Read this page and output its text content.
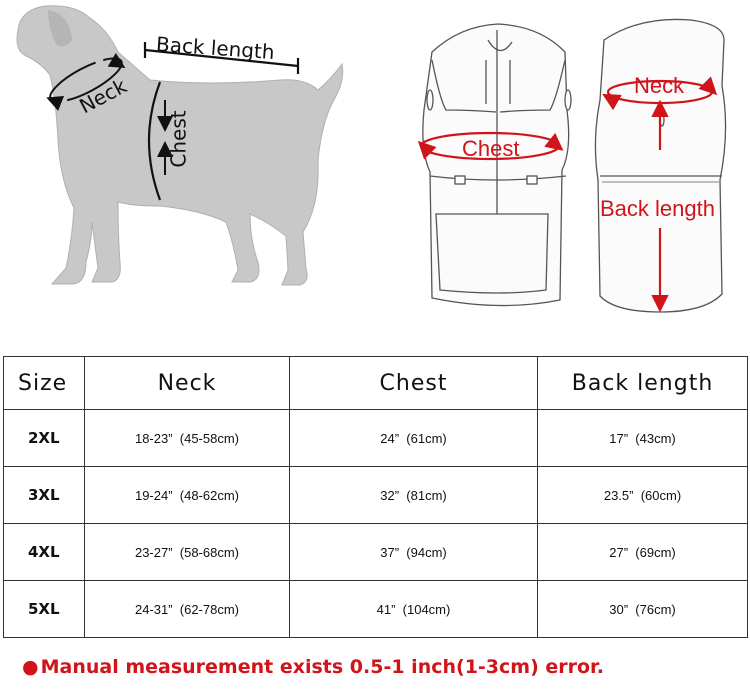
Back length
Neck
Chest	Chest
Neck
Back length
Size	Neck	Chest	Back length
2XL	18-23”  (45-58cm)	24”  (61cm)	17”  (43cm)
3XL	19-24”  (48-62cm)	32”  (81cm)	23.5”  (60cm)
4XL	23-27”  (58-68cm)	37”  (94cm)	27”  (69cm)
5XL	24-31”  (62-78cm)	41”  (104cm)	30”  (76cm)
● Manual measurement exists 0.5-1 inch(1-3cm) error.
